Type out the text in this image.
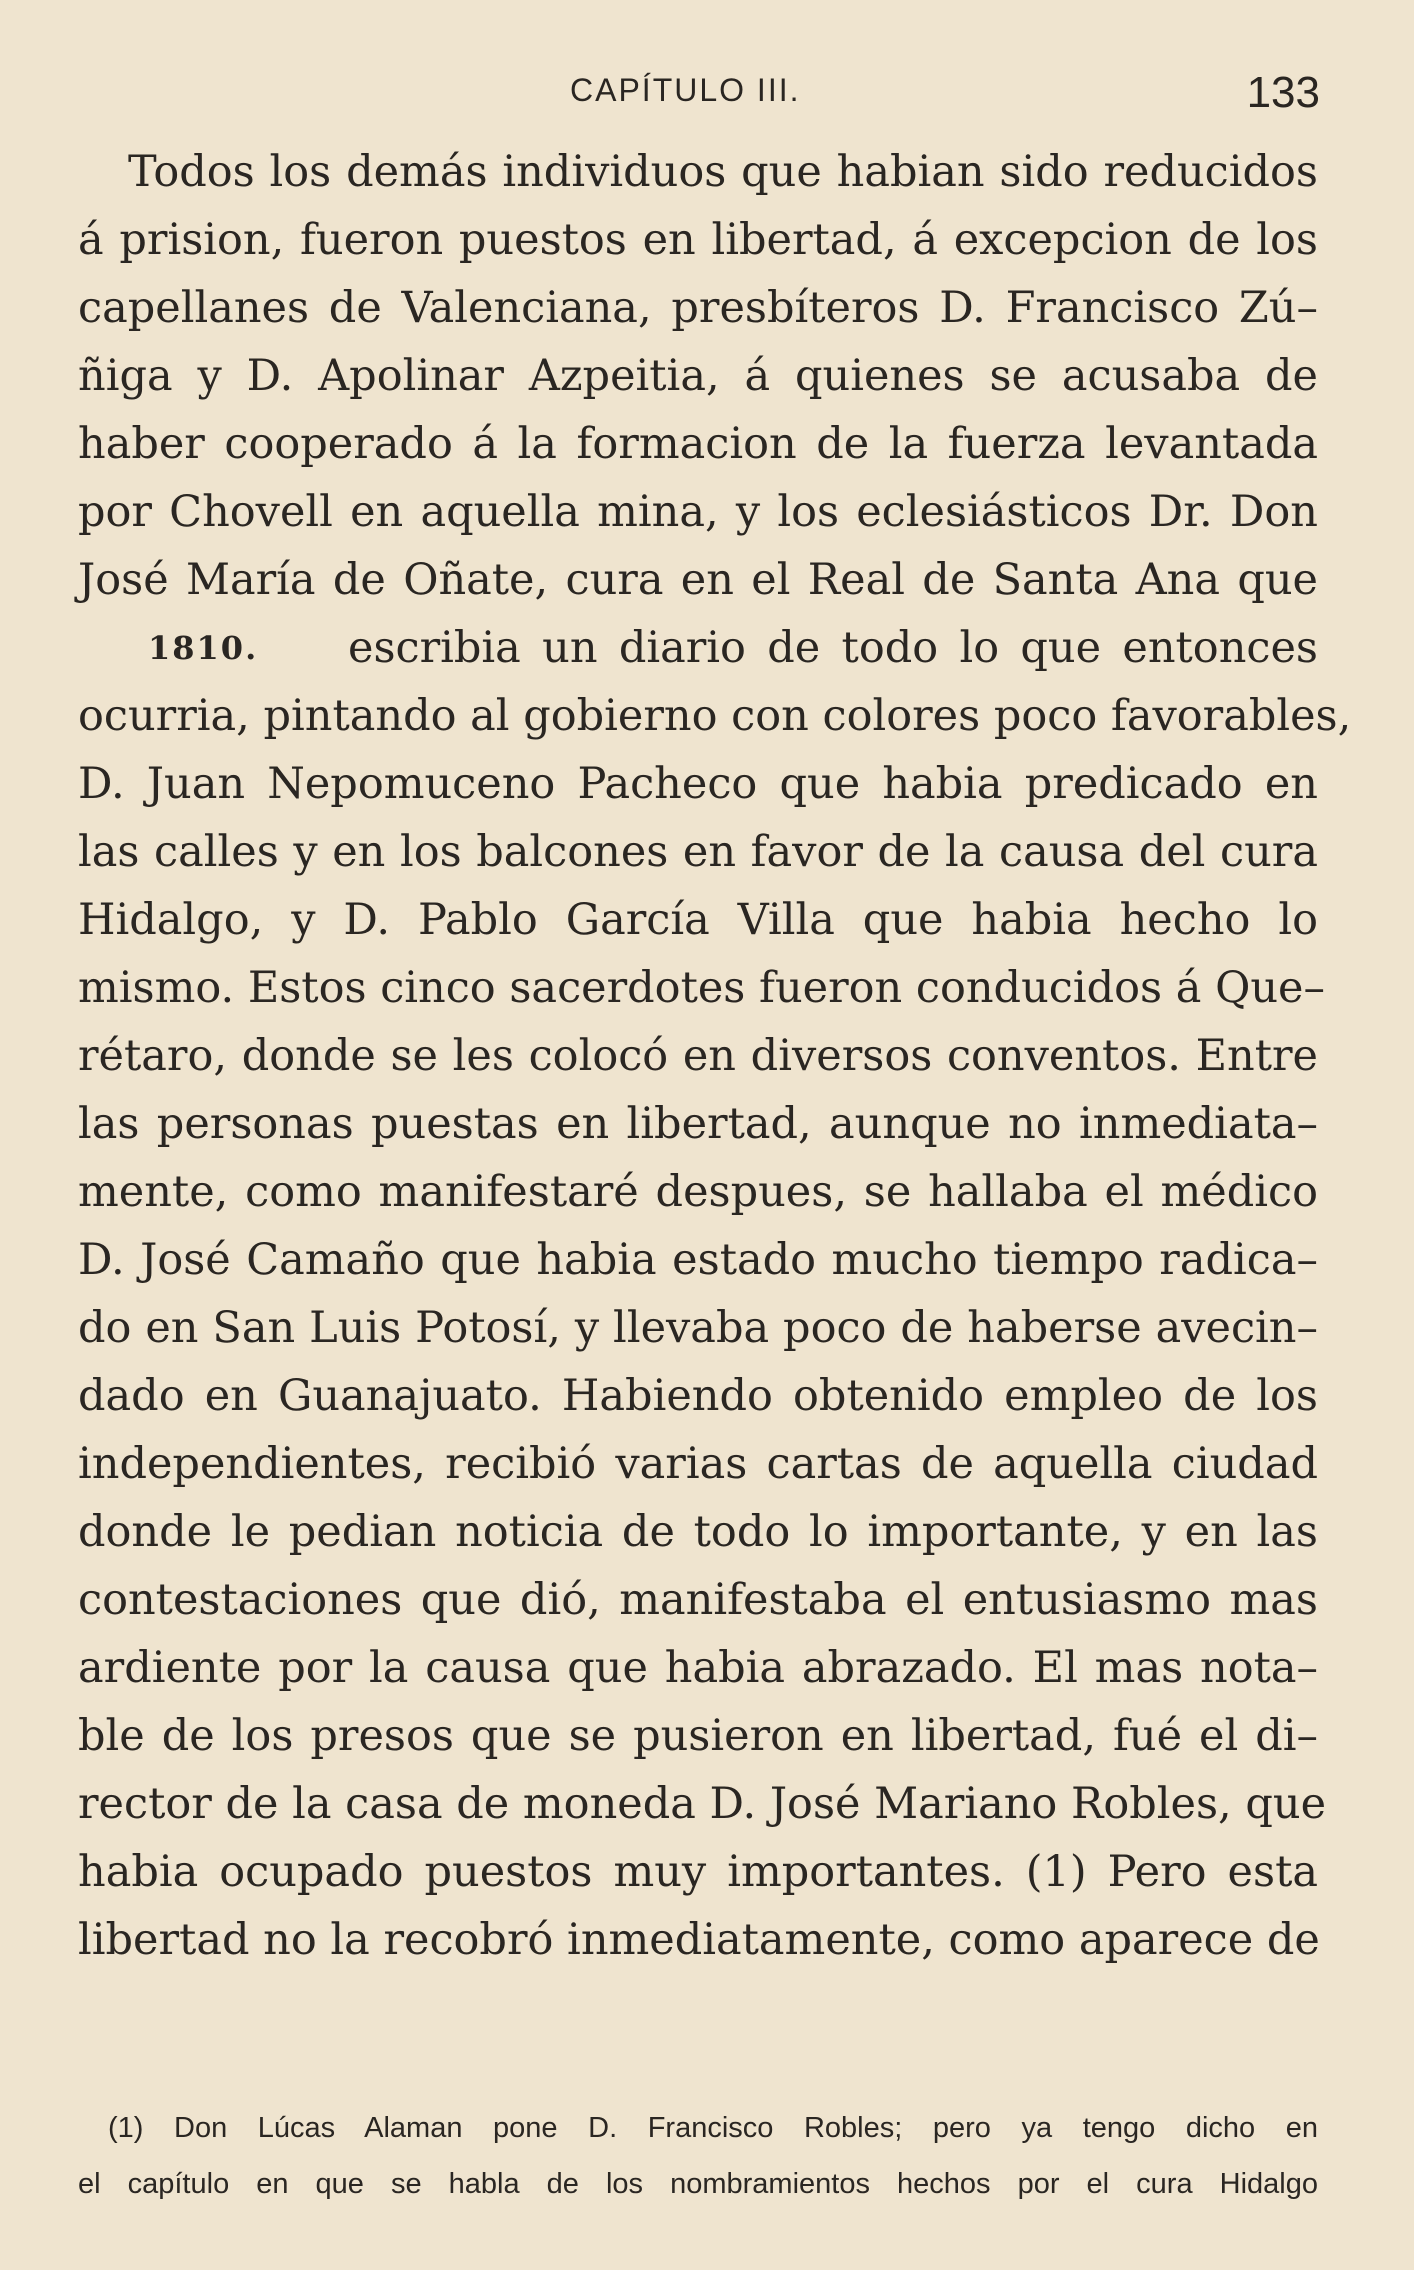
CAPÍTULO III.	133
Todos los demás individuos que habian sido reducidos
á prision, fueron puestos en libertad, á excepcion de los
capellanes de Valenciana, presbíteros D. Francisco Zú–
ñiga y D. Apolinar Azpeitia, á quienes se acusaba de
haber cooperado á la formacion de la fuerza levantada
por Chovell en aquella mina, y los eclesiásticos Dr. Don
José María de Oñate, cura en el Real de Santa Ana que
1810. escribia un diario de todo lo que entonces
ocurria, pintando al gobierno con colores poco favorables,
D. Juan Nepomuceno Pacheco que habia predicado en
las calles y en los balcones en favor de la causa del cura
Hidalgo, y D. Pablo García Villa que habia hecho lo
mismo. Estos cinco sacerdotes fueron conducidos á Que–
rétaro, donde se les colocó en diversos conventos. Entre
las personas puestas en libertad, aunque no inmediata–
mente, como manifestaré despues, se hallaba el médico
D. José Camaño que habia estado mucho tiempo radica–
do en San Luis Potosí, y llevaba poco de haberse avecin–
dado en Guanajuato. Habiendo obtenido empleo de los
independientes, recibió varias cartas de aquella ciudad
donde le pedian noticia de todo lo importante, y en las
contestaciones que dió, manifestaba el entusiasmo mas
ardiente por la causa que habia abrazado. El mas nota–
ble de los presos que se pusieron en libertad, fué el di–
rector de la casa de moneda D. José Mariano Robles, que
habia ocupado puestos muy importantes. (1) Pero esta
libertad no la recobró inmediatamente, como aparece de
(1) Don Lúcas Alaman pone D. Francisco Robles; pero ya tengo dicho en
el capítulo en que se habla de los nombramientos hechos por el cura Hidalgo
